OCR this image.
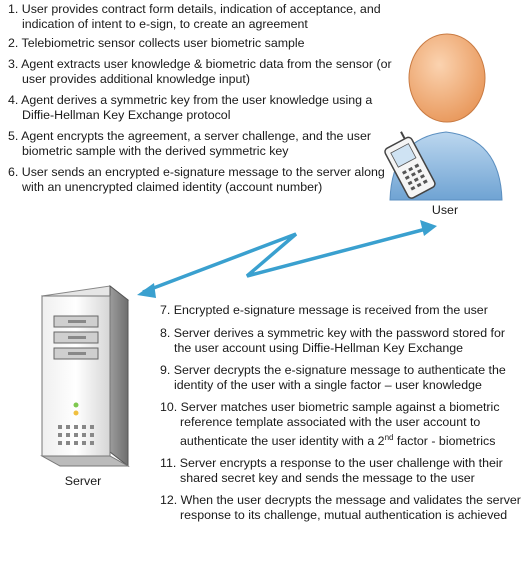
1. User provides contract form details, indication of acceptance, and indication of intent to e-sign, to create an agreement
2. Telebiometric sensor collects user biometric sample
3. Agent extracts user knowledge & biometric data from the sensor (or user provides additional knowledge input)
4. Agent derives a symmetric key from the user knowledge using a Diffie-Hellman Key Exchange protocol
5. Agent encrypts the agreement, a server challenge, and the user biometric sample with the derived symmetric key
6. User sends an encrypted e-signature message to the server along with an unencrypted claimed identity (account number)
User
7. Encrypted e-signature message is received from the user
8. Server derives a symmetric key with the password stored for the user account using Diffie-Hellman Key Exchange
9. Server decrypts the e-signature message to authenticate the identity of the user with a single factor – user knowledge
10. Server matches user biometric sample against a biometric reference template associated with the user account to authenticate the user identity with a 2nd factor - biometrics
11. Server encrypts a response to the user challenge with their shared secret key and sends the message to the user
12. When the user decrypts the message and validates the server response to its challenge, mutual authentication is achieved
Server
